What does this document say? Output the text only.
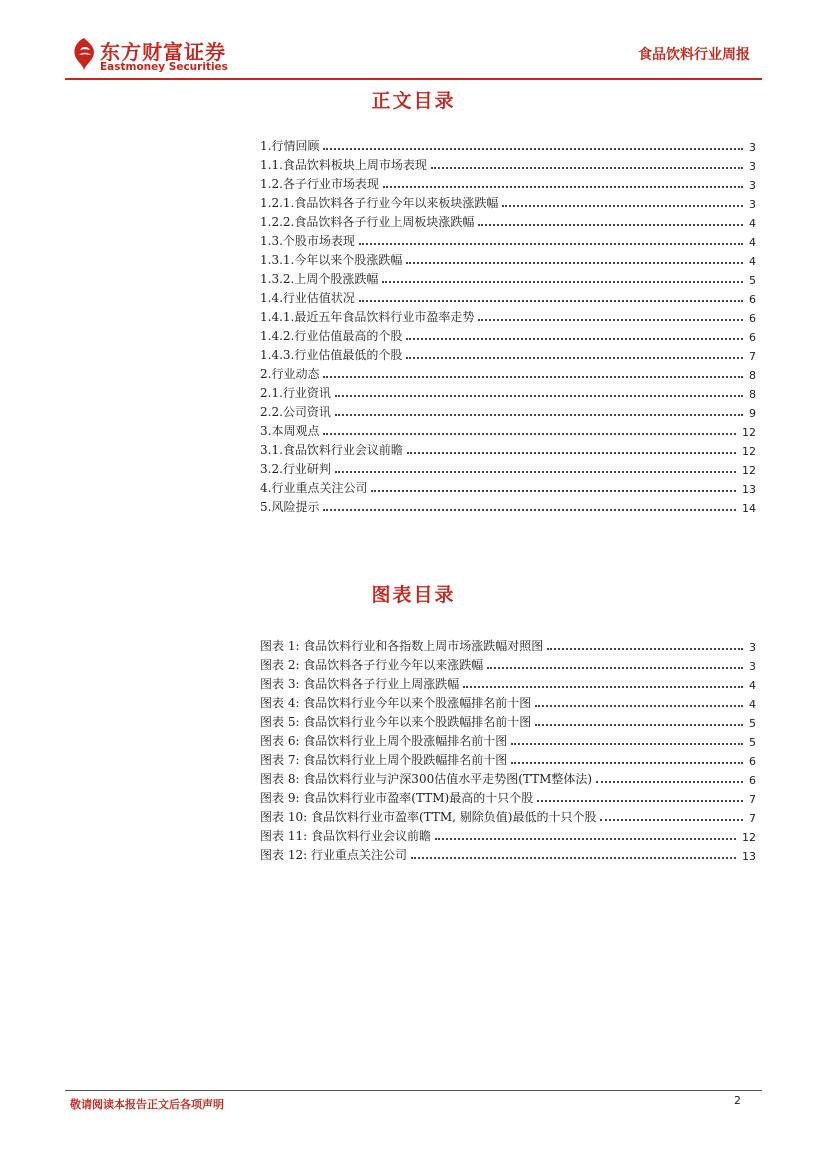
东方财富证券
Eastmoney Securities
食品饮料行业周报
正文目录
1.行情回顾	3
1.1.食品饮料板块上周市场表现	3
1.2.各子行业市场表现	3
1.2.1.食品饮料各子行业今年以来板块涨跌幅	3
1.2.2.食品饮料各子行业上周板块涨跌幅	4
1.3.个股市场表现	4
1.3.1.今年以来个股涨跌幅	4
1.3.2.上周个股涨跌幅	5
1.4.行业估值状况	6
1.4.1.最近五年食品饮料行业市盈率走势	6
1.4.2.行业估值最高的个股	6
1.4.3.行业估值最低的个股	7
2.行业动态	8
2.1.行业资讯	8
2.2.公司资讯	9
3.本周观点	12
3.1.食品饮料行业会议前瞻	12
3.2.行业研判	12
4.行业重点关注公司	13
5.风险提示	14
图表目录
图表 1: 食品饮料行业和各指数上周市场涨跌幅对照图	3
图表 2: 食品饮料各子行业今年以来涨跌幅	3
图表 3: 食品饮料各子行业上周涨跌幅	4
图表 4: 食品饮料行业今年以来个股涨幅排名前十图	4
图表 5: 食品饮料行业今年以来个股跌幅排名前十图	5
图表 6: 食品饮料行业上周个股涨幅排名前十图	5
图表 7: 食品饮料行业上周个股跌幅排名前十图	6
图表 8: 食品饮料行业与沪深300估值水平走势图(TTM整体法)	6
图表 9: 食品饮料行业市盈率(TTM)最高的十只个股	7
图表 10: 食品饮料行业市盈率(TTM, 剔除负值)最低的十只个股	7
图表 11: 食品饮料行业会议前瞻	12
图表 12: 行业重点关注公司	13
敬请阅读本报告正文后各项声明	2
